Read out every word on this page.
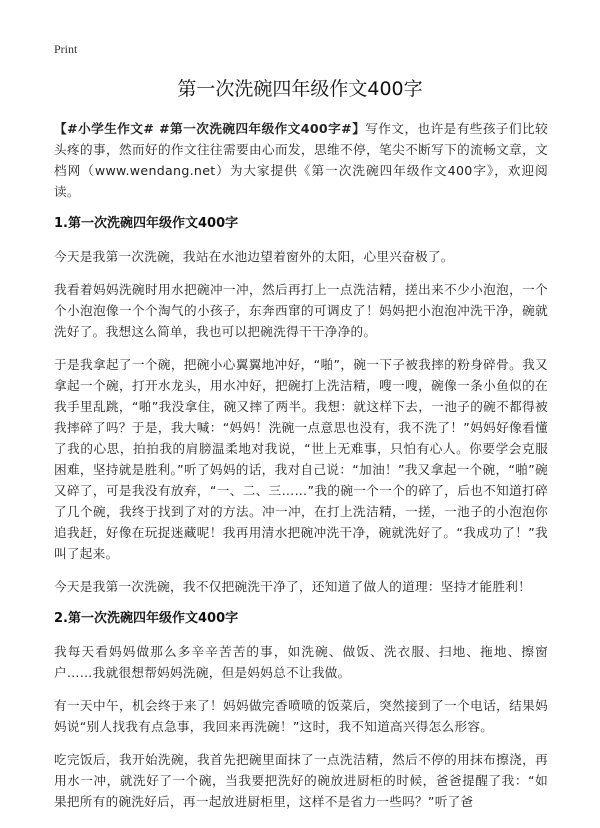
Print
第一次洗碗四年级作文400字

【#小学生作文# #第一次洗碗四年级作文400字#】写作文，也许是有些孩子们比较头疼的事，然而好的作文往往需要由心而发，思维不停，笔尖不断写下的流畅文章，文档网（www.wendang.net）为大家提供《第一次洗碗四年级作文400字》，欢迎阅读。

1.第一次洗碗四年级作文400字

今天是我第一次洗碗，我站在水池边望着窗外的太阳，心里兴奋极了。

我看着妈妈洗碗时用水把碗冲一冲，然后再打上一点洗洁精，搓出来不少小泡泡，一个个小泡泡像一个个淘气的小孩子，东奔西窜的可调皮了！妈妈把小泡泡冲洗干净，碗就洗好了。我想这么简单，我也可以把碗洗得干干净净的。

于是我拿起了一个碗，把碗小心翼翼地冲好，“啪”，碗一下子被我摔的粉身碎骨。我又拿起一个碗，打开水龙头，用水冲好，把碗打上洗洁精，嗖一嗖，碗像一条小鱼似的在我手里乱跳，“啪”我没拿住，碗又摔了两半。我想：就这样下去，一池子的碗不都得被我摔碎了吗？于是，我大喊：“妈妈！洗碗一点意思也没有，我不洗了！”妈妈好像看懂了我的心思，拍拍我的肩膀温柔地对我说，“世上无难事，只怕有心人。你要学会克服困难，坚持就是胜利。”听了妈妈的话，我对自己说：“加油！”我又拿起一个碗，“啪”碗又碎了，可是我没有放弃，“一、二、三……”我的碗一个一个的碎了，后也不知道打碎了几个碗，我终于找到了对的方法。冲一冲，在打上洗洁精，一搓，一池子的小泡泡你追我赶，好像在玩捉迷藏呢！我再用清水把碗冲洗干净，碗就洗好了。“我成功了！”我叫了起来。

今天是我第一次洗碗，我不仅把碗洗干净了，还知道了做人的道理：坚持才能胜利！

2.第一次洗碗四年级作文400字

我每天看妈妈做那么多辛辛苦苦的事，如洗碗、做饭、洗衣服、扫地、拖地、擦窗户……我就很想帮妈妈洗碗，但是妈妈总不让我做。

有一天中午，机会终于来了！妈妈做完香喷喷的饭菜后，突然接到了一个电话，结果妈妈说“别人找我有点急事，我回来再洗碗！”这时，我不知道高兴得怎么形容。

吃完饭后，我开始洗碗，我首先把碗里面抹了一点洗洁精，然后不停的用抹布擦浇，再用水一冲，就洗好了一个碗，当我要把洗好的碗放进厨柜的时候，爸爸提醒了我：“如果把所有的碗洗好后，再一起放进厨柜里，这样不是省力一些吗？”听了爸
